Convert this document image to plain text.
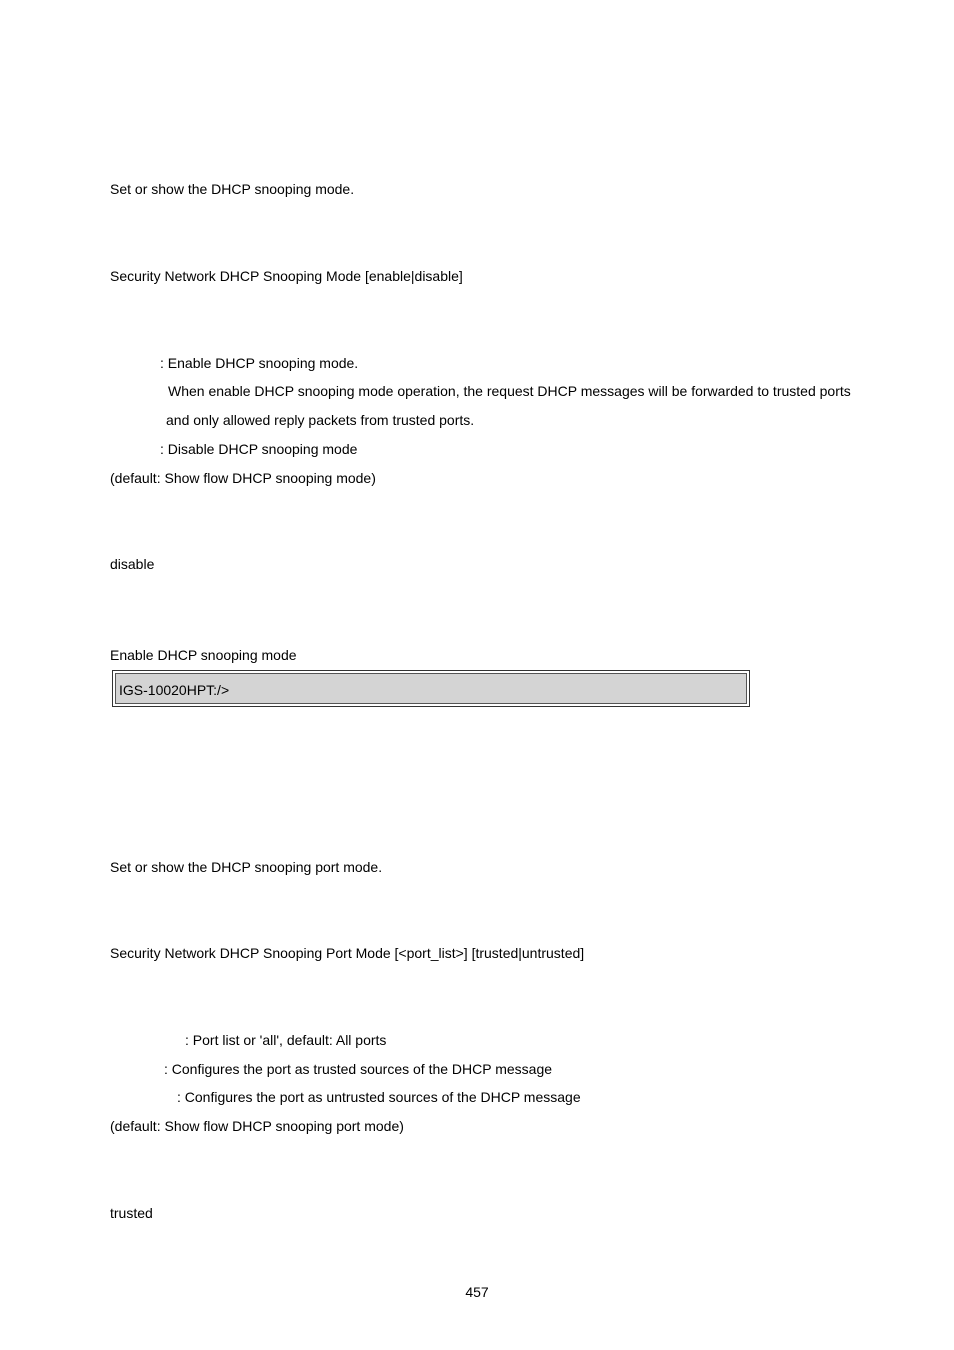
Set or show the DHCP snooping mode.

Security Network DHCP Snooping Mode [enable|disable]

: Enable DHCP snooping mode.

When enable DHCP snooping mode operation, the request DHCP messages will be forwarded to trusted ports

and only allowed reply packets from trusted ports.

: Disable DHCP snooping mode

(default: Show flow DHCP snooping mode)

disable

Enable DHCP snooping mode

IGS-10020HPT:/>

Set or show the DHCP snooping port mode.

Security Network DHCP Snooping Port Mode [<port_list>] [trusted|untrusted]

: Port list or 'all', default: All ports

: Configures the port as trusted sources of the DHCP message

: Configures the port as untrusted sources of the DHCP message

(default: Show flow DHCP snooping port mode)

trusted

457
